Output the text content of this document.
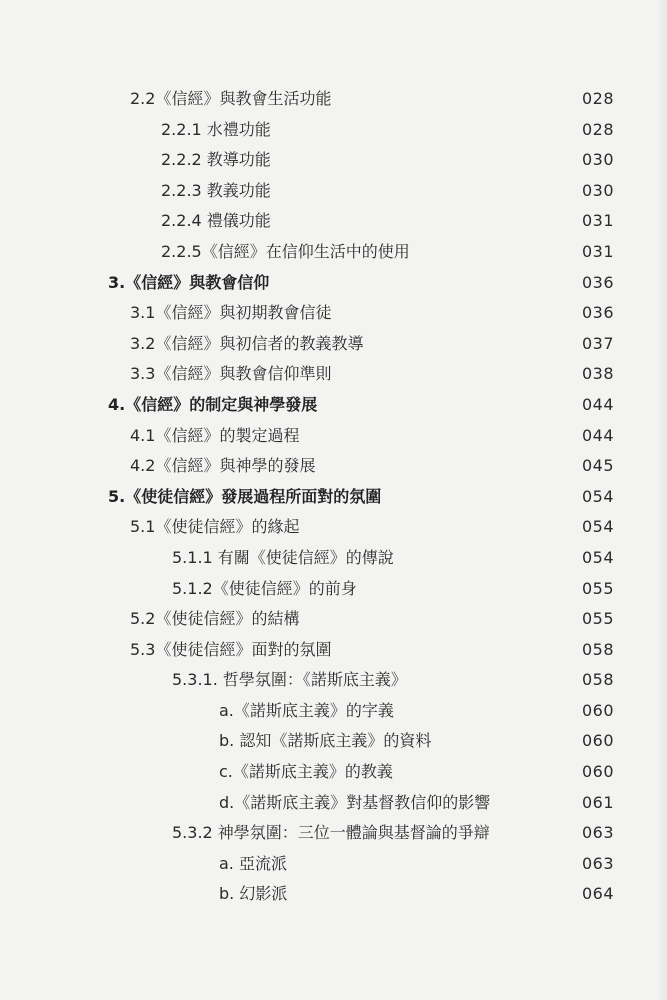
2.2《信經》與教會生活功能	028
2.2.1 水禮功能	028
2.2.2 教導功能	030
2.2.3 教義功能	030
2.2.4 禮儀功能	031
2.2.5《信經》在信仰生活中的使用	031
3.《信經》與教會信仰	036
3.1《信經》與初期教會信徒	036
3.2《信經》與初信者的教義教導	037
3.3《信經》與教會信仰準則	038
4.《信經》的制定與神學發展	044
4.1《信經》的製定過程	044
4.2《信經》與神學的發展	045
5.《使徒信經》發展過程所面對的氛圍	054
5.1《使徒信經》的緣起	054
5.1.1 有關《使徒信經》的傳說	054
5.1.2《使徒信經》的前身	055
5.2《使徒信經》的結構	055
5.3《使徒信經》面對的氛圍	058
5.3.1. 哲學氛圍：《諾斯底主義》	058
a.《諾斯底主義》的字義	060
b. 認知《諾斯底主義》的資料	060
c.《諾斯底主義》的教義	060
d.《諾斯底主義》對基督教信仰的影響	061
5.3.2 神學氛圍：三位一體論與基督論的爭辯	063
a. 亞流派	063
b. 幻影派	064
